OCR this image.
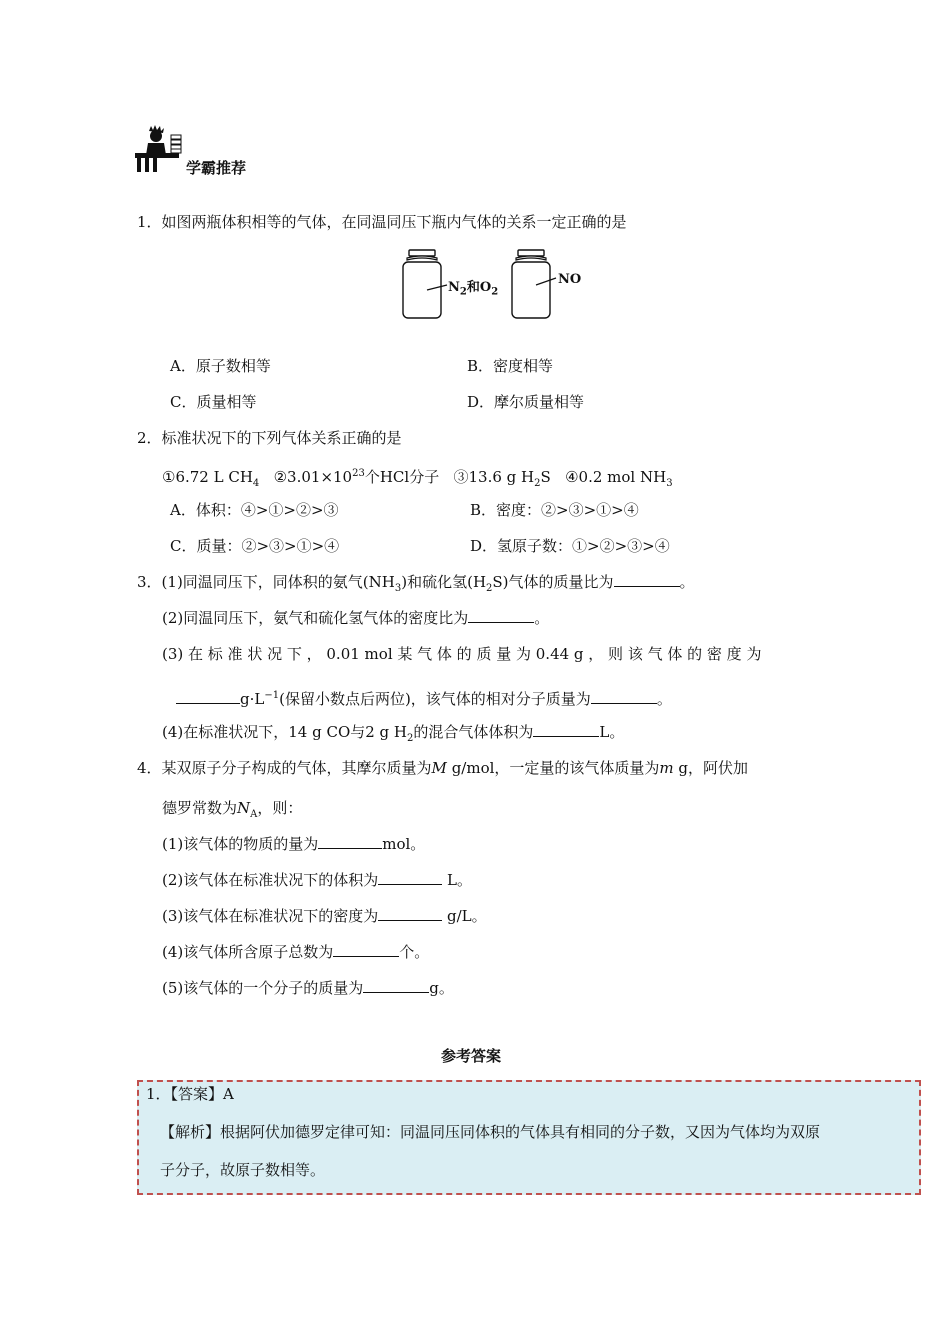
学霸推荐
1．如图两瓶体积相等的气体，在同温同压下瓶内气体的关系一定正确的是
$N_2$和$O_2$
NO
A．原子数相等	B．密度相等
C．质量相等	D．摩尔质量相等
2．标准状况下的下列气体关系正确的是
①6.72 L $CH_4$ $②3.01\times 10^{23}$个HCl分子 ③13.6 g $H_2S$ ④0.2 mol $NH_3$
A．体积：④>①>②>③	B．密度：②>③>①>④
C．质量：②>③>①>④	D．氢原子数：①>②>③>④
3．(1)同温同压下，同体积的氨气$(NH_3)$和硫化氢$(H_2S)$气体的质量比为	。
(2)同温同压下，氨气和硫化氢气体的密度比为	。
(3) 在 标 准 状 况 下 ， 0.01 mol 某 气 体 的 质 量 为 0.44 g ， 则 该 气 体 的 密 度 为
$g\cdot L^{-1}$(保留小数点后两位)，该气体的相对分子质量为	。
(4)在标准状况下，14 g CO与2 g $H_2$的混合气体体积为	L。
4．某双原子分子构成的气体，其摩尔质量为M g/mol，一定量的该气体质量为m g，阿伏加
德罗常数为$N_A$，则：
(1)该气体的物质的量为	mol。
(2)该气体在标准状况下的体积为	L。
(3)该气体在标准状况下的密度为	g/L。
(4)该气体所含原子总数为	个。
(5)该气体的一个分子的质量为	g。
参考答案
1．【答案】A
【解析】根据阿伏加德罗定律可知：同温同压同体积的气体具有相同的分子数，又因为气体均为双原
子分子，故原子数相等。
